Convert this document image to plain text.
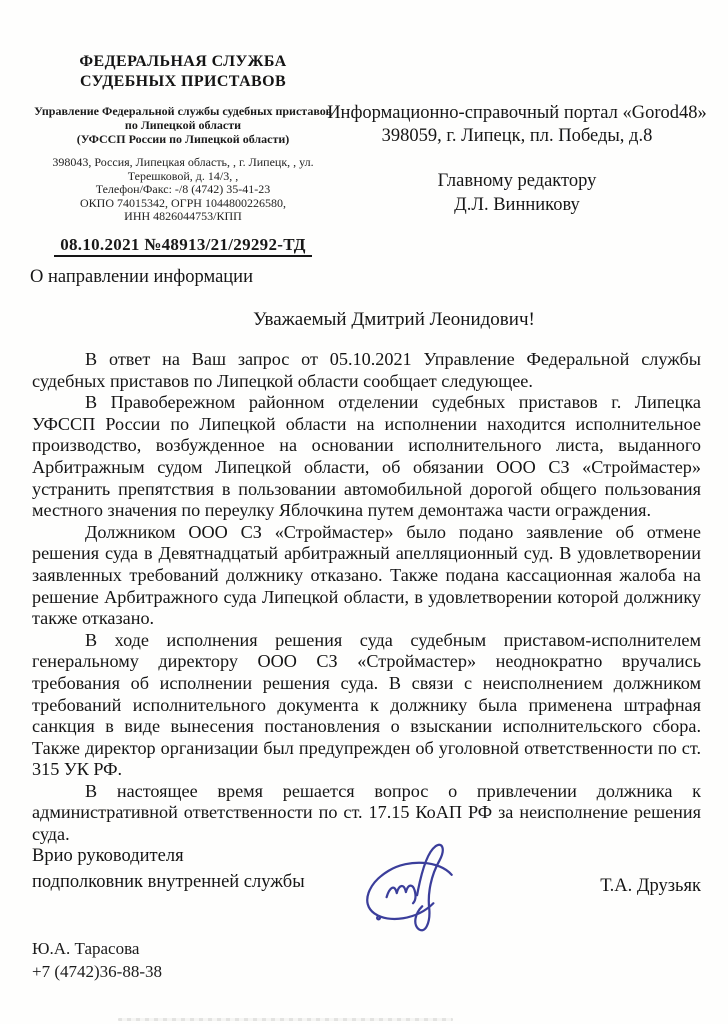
ФЕДЕРАЛЬНАЯ СЛУЖБА
СУДЕБНЫХ ПРИСТАВОВ
Управление Федеральной службы судебных приставов
по Липецкой области
(УФССП России по Липецкой области)
398043, Россия, Липецкая область, , г. Липецк, , ул.
Терешковой, д. 14/3, ,
Телефон/Факс: -/8 (4742) 35-41-23
ОКПО 74015342, ОГРН 1044800226580,
ИНН 4826044753/КПП
08.10.2021 №48913/21/29292-ТД
Информационно-справочный портал «Gorod48»
398059, г. Липецк, пл. Победы, д.8
Главному редактору
Д.Л. Винникову
О направлении информации
Уважаемый Дмитрий Леонидович!

В ответ на Ваш запрос от 05.10.2021 Управление Федеральной службы судебных приставов по Липецкой области сообщает следующее.

В Правобережном районном отделении судебных приставов г. Липецка УФССП России по Липецкой области на исполнении находится исполнительное производство, возбужденное на основании исполнительного листа, выданного Арбитражным судом Липецкой области, об обязании ООО СЗ «Строймастер» устранить препятствия в пользовании автомобильной дорогой общего пользования местного значения по переулку Яблочкина путем демонтажа части ограждения.

Должником ООО СЗ «Строймастер» было подано заявление об отмене решения суда в Девятнадцатый арбитражный апелляционный суд. В удовлетворении заявленных требований должнику отказано. Также подана кассационная жалоба на решение Арбитражного суда Липецкой области, в удовлетворении которой должнику также отказано.

В ходе исполнения решения суда судебным приставом-исполнителем генеральному директору ООО СЗ «Строймастер» неоднократно вручались требования об исполнении решения суда. В связи с неисполнением должником требований исполнительного документа к должнику была применена штрафная санкция в виде вынесения постановления о взыскании исполнительского сбора. Также директор организации был предупрежден об уголовной ответственности по ст. 315 УК РФ.

В настоящее время решается вопрос о привлечении должника к административной ответственности по ст. 17.15 КоАП РФ за неисполнение решения суда.

Врио руководителя
подполковник внутренней службы	Т.А. Друзьяк
Ю.А. Тарасова
+7 (4742)36-88-38
